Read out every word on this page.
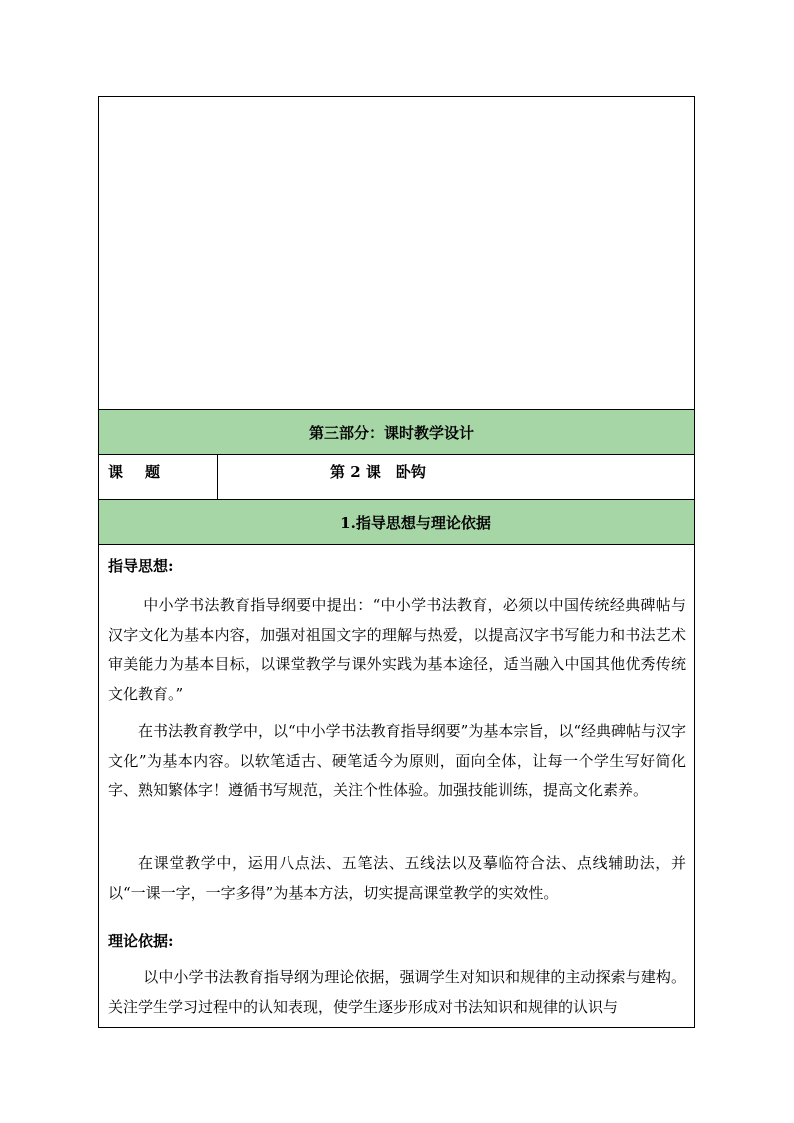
第三部分：课时教学设计
课 题	第 2 课　卧钩
1.指导思想与理论依据

指导思想:

中小学书法教育指导纲要中提出：“中小学书法教育，必须以中国传统经典碑帖与汉字文化为基本内容，加强对祖国文字的理解与热爱，以提高汉字书写能力和书法艺术审美能力为基本目标，以课堂教学与课外实践为基本途径，适当融入中国其他优秀传统文化教育。”

在书法教育教学中，以“中小学书法教育指导纲要”为基本宗旨，以“经典碑帖与汉字文化”为基本内容。以软笔适古、硬笔适今为原则，面向全体，让每一个学生写好简化字、熟知繁体字！遵循书写规范，关注个性体验。加强技能训练，提高文化素养。

在课堂教学中，运用八点法、五笔法、五线法以及摹临符合法、点线辅助法，并以“一课一字，一字多得”为基本方法，切实提高课堂教学的实效性。

理论依据:

以中小学书法教育指导纲为理论依据，强调学生对知识和规律的主动探索与建构。关注学生学习过程中的认知表现，使学生逐步形成对书法知识和规律的认识与
